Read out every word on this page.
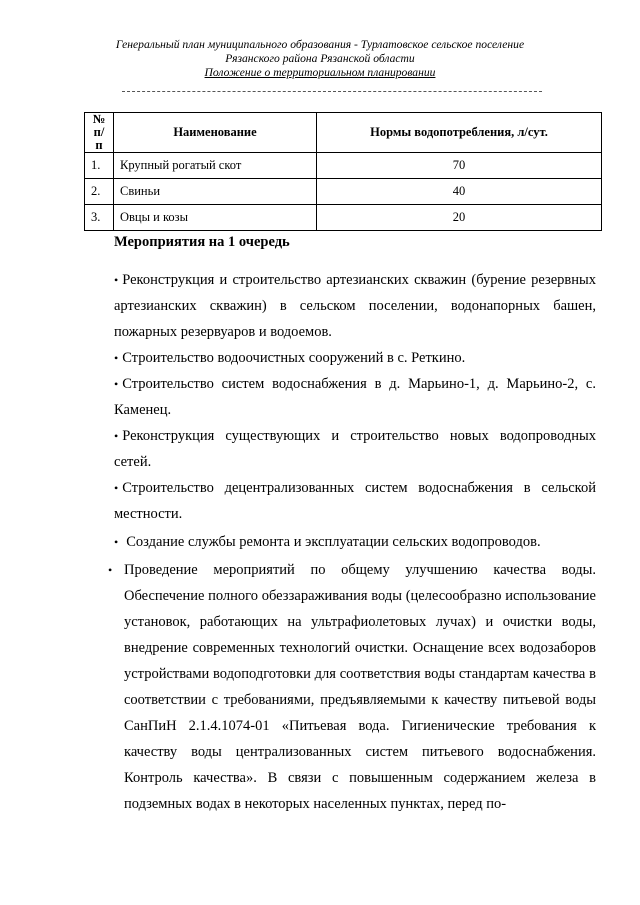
Генеральный план муниципального образования - Турлатовское сельское поселение
Рязанского района Рязанской области
Положение о территориальном планировании
№ п/п	Наименование	Нормы водопотребления, л/сут.
1.	Крупный рогатый скот	70
2.	Свиньи	40
3.	Овцы и козы	20
Мероприятия на 1 очередь

• Реконструкция и строительство артезианских скважин (бурение резервных артезианских скважин) в сельском поселении, водонапорных башен, пожарных резервуаров и водоемов.

• Строительство водоочистных сооружений в с. Реткино.

• Строительство систем водоснабжения в д. Марьино-1, д. Марьино-2, с. Каменец.

• Реконструкция существующих и строительство новых водопроводных сетей.

• Строительство децентрализованных систем водоснабжения в сельской местности.

• Создание службы ремонта и эксплуатации сельских водопроводов.

• Проведение мероприятий по общему улучшению качества воды. Обеспечение полного обеззараживания воды (целесообразно использование установок, работающих на ультрафиолетовых лучах) и очистки воды, внедрение современных технологий очистки. Оснащение всех водозаборов устройствами водоподготовки для соответствия воды стандартам качества в соответствии с требованиями, предъявляемыми к качеству питьевой воды СанПиН 2.1.4.1074-01 «Питьевая вода. Гигиенические требования к качеству воды централизованных систем питьевого водоснабжения. Контроль качества». В связи с повышенным содержанием железа в подземных водах в некоторых населенных пунктах, перед по-
